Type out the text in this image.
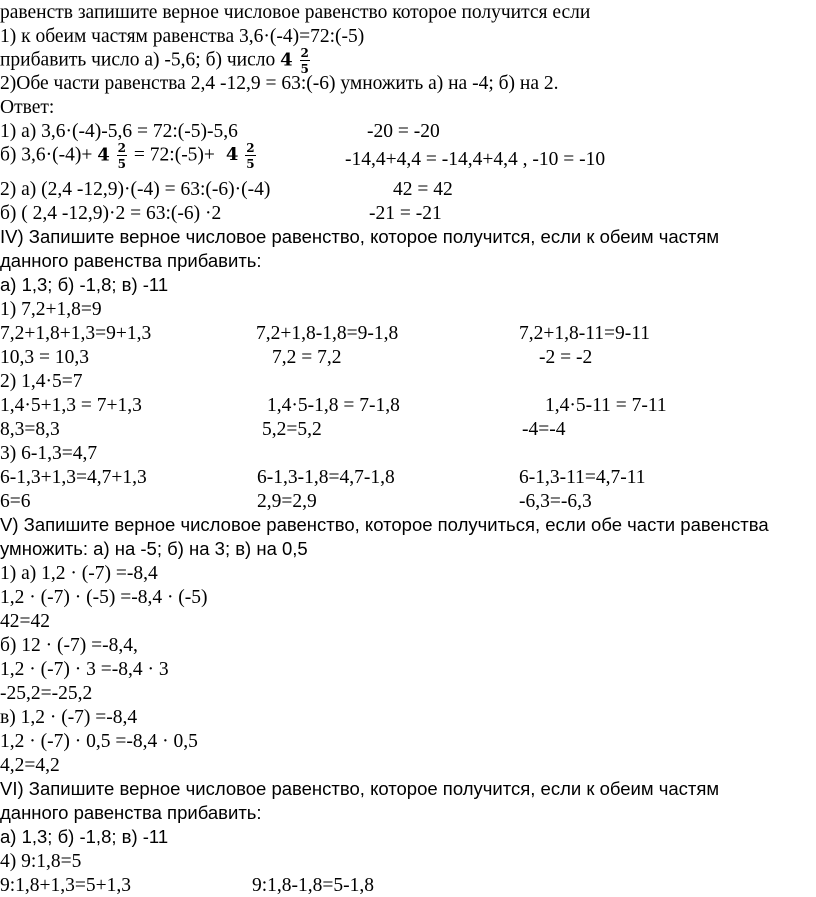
равенств запишите верное числовое равенство которое получится если
1) к обеим частям равенства 3,6·(-4)=72:(-5)
прибавить число а) -5,6; б) число $4 \frac{2}{5}$
2)Обе части равенства 2,4 -12,9 = 63:(-6) умножить а) на -4; б) на 2.
Ответ:
1) а) 3,6·(-4)-5,6 = 72:(-5)-5,6	-20 = -20
б) $3,6\cdot(-4)+ 4 \frac{2}{5}$ = 72:(-5)+ $4 \frac{2}{5}$	-14,4+4,4 = -14,4+4,4 , -10 = -10
2) а) (2,4 -12,9)·(-4) = 63:(-6)·(-4)	42 = 42
б) ( 2,4 -12,9)·2 = 63:(-6) ·2	-21 = -21
IV) Запишите верное числовое равенство, которое получится, если к обеим частям
данного равенства прибавить:
а) 1,3; б) -1,8; в) -11
1) 7,2+1,8=9
7,2+1,8+1,3=9+1,3	7,2+1,8-1,8=9-1,8	7,2+1,8-11=9-11
10,3 = 10,3	7,2 = 7,2	-2 = -2
2) 1,4·5=7
1,4·5+1,3 = 7+1,3	1,4·5-1,8 = 7-1,8	1,4·5-11 = 7-11
8,3=8,3	5,2=5,2	-4=-4
3) 6-1,3=4,7
6-1,3+1,3=4,7+1,3	6-1,3-1,8=4,7-1,8	6-1,3-11=4,7-11
6=6	2,9=2,9	-6,3=-6,3
V) Запишите верное числовое равенство, которое получиться, если обе части равенства
умножить: а) на -5; б) на 3; в) на 0,5
1) а) 1,2 · (-7) =-8,4
1,2 · (-7) · (-5) =-8,4 · (-5)
42=42
б) 12 · (-7) =-8,4,
1,2 · (-7) · 3 =-8,4 · 3
-25,2=-25,2
в) 1,2 · (-7) =-8,4
1,2 · (-7) · 0,5 =-8,4 · 0,5
4,2=4,2
VI) Запишите верное числовое равенство, которое получится, если к обеим частям
данного равенства прибавить:
а) 1,3; б) -1,8; в) -11
4) 9:1,8=5
9:1,8+1,3=5+1,3	9:1,8-1,8=5-1,8
